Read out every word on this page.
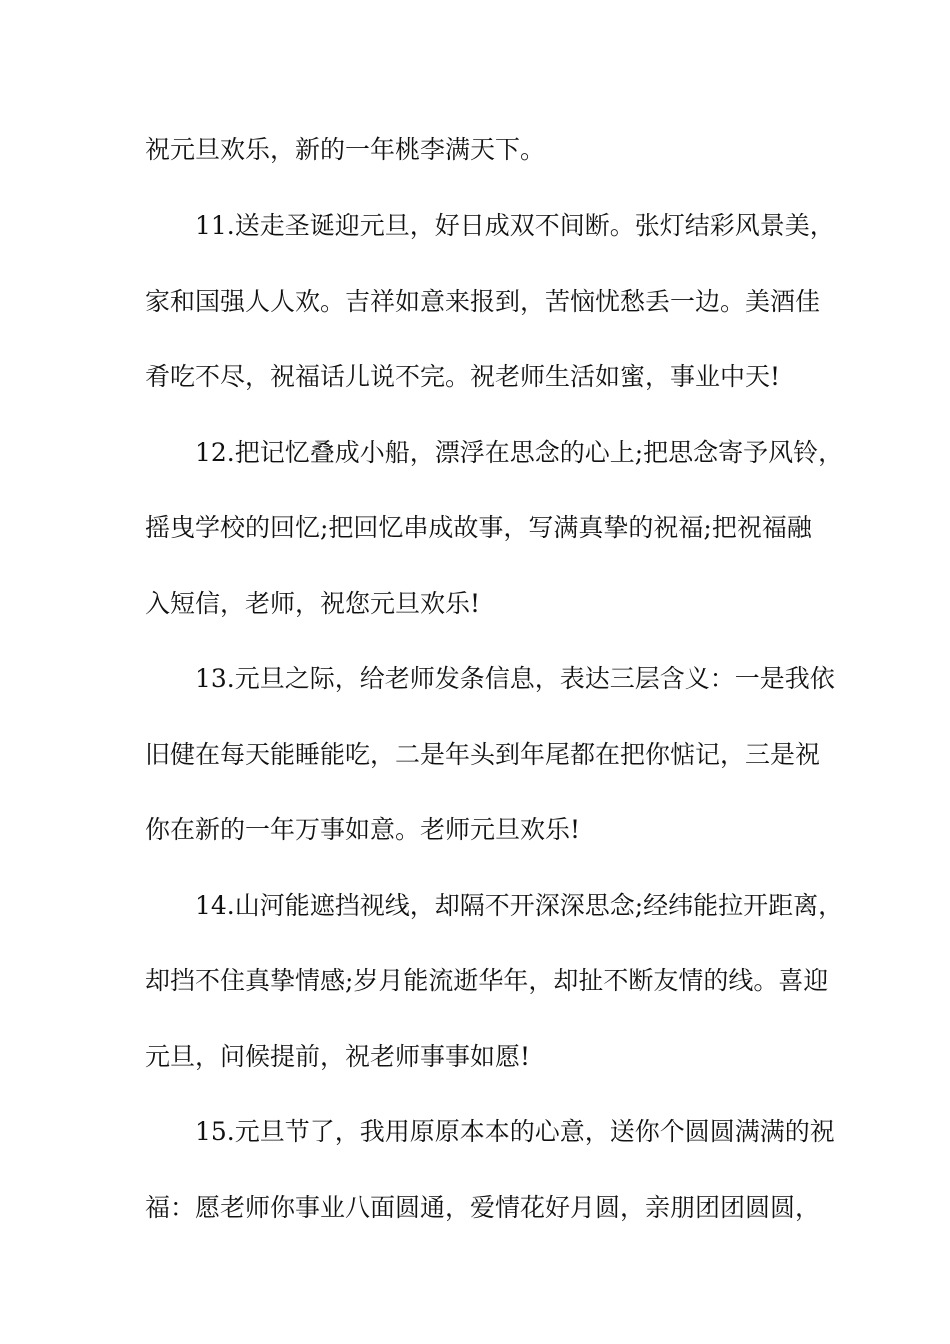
祝元旦欢乐，新的一年桃李满天下。
11.送走圣诞迎元旦，好日成双不间断。张灯结彩风景美，
家和国强人人欢。吉祥如意来报到，苦恼忧愁丢一边。美酒佳
肴吃不尽，祝福话儿说不完。祝老师生活如蜜，事业中天!
12.把记忆叠成小船，漂浮在思念的心上;把思念寄予风铃，
摇曳学校的回忆;把回忆串成故事，写满真挚的祝福;把祝福融
入短信，老师，祝您元旦欢乐!
13.元旦之际，给老师发条信息，表达三层含义：一是我依
旧健在每天能睡能吃，二是年头到年尾都在把你惦记，三是祝
你在新的一年万事如意。老师元旦欢乐!
14.山河能遮挡视线，却隔不开深深思念;经纬能拉开距离，
却挡不住真挚情感;岁月能流逝华年，却扯不断友情的线。喜迎
元旦，问候提前，祝老师事事如愿!
15.元旦节了，我用原原本本的心意，送你个圆圆满满的祝
福：愿老师你事业八面圆通，爱情花好月圆，亲朋团团圆圆，
